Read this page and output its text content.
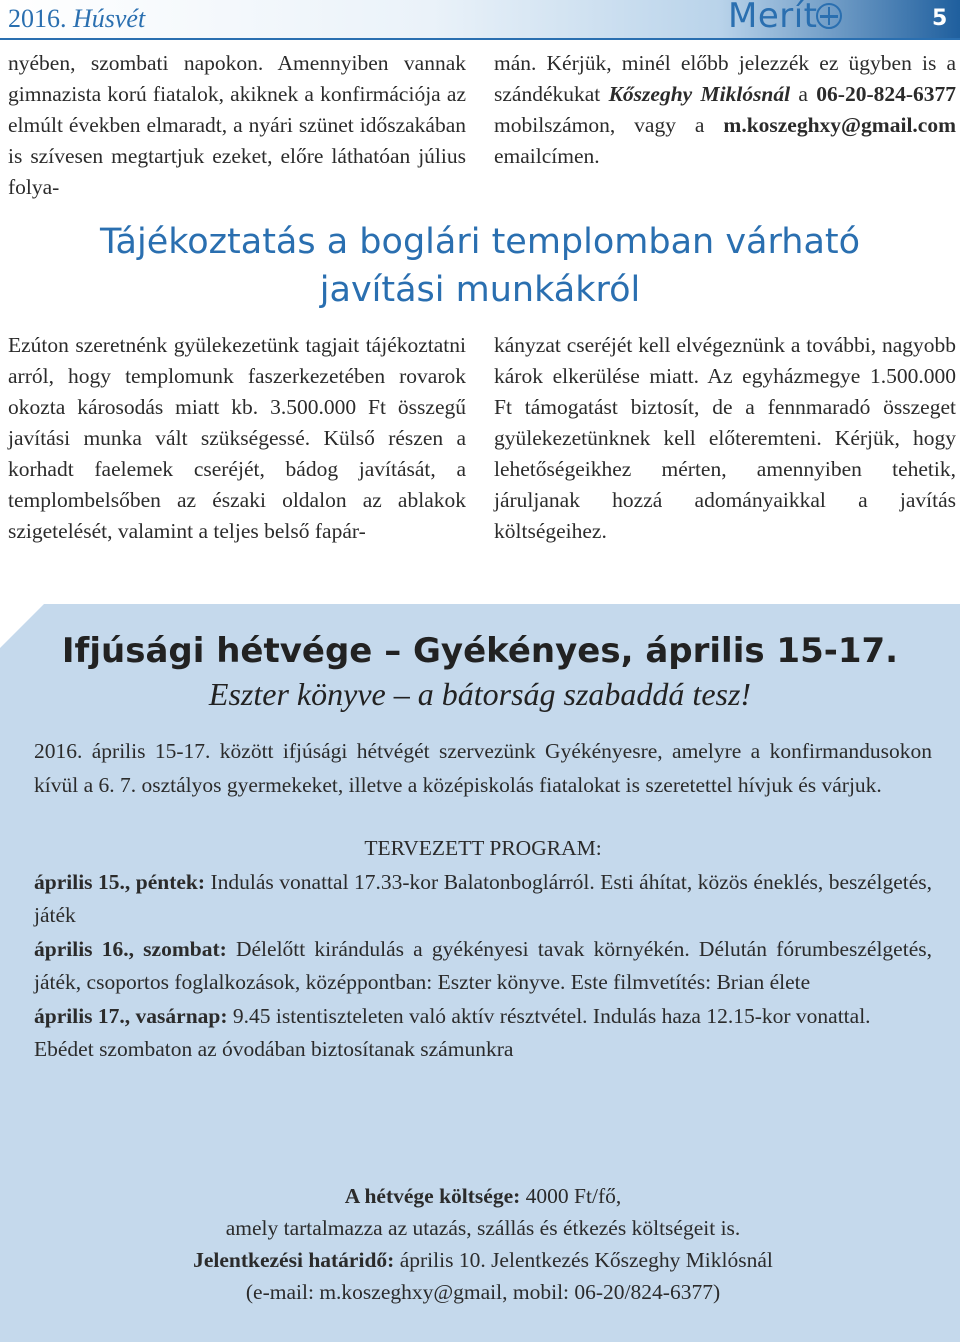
2016. Húsvét	Merít	5

nyében, szombati napokon. Amennyiben vannak gimnazista korú fiatalok, akiknek a konfirmációja az elmúlt években elmaradt, a nyári szünet időszakában is szívesen megtartjuk ezeket, előre láthatóan július folya-

mán. Kérjük, minél előbb jelezzék ez ügyben is a szándékukat Kőszeghy Miklósnál a 06-20-824-6377 mobilszámon, vagy a m.koszeghxy@gmail.com emailcímen.

Tájékoztatás a boglári templomban várható
javítási munkákról

Ezúton szeretnénk gyülekezetünk tagjait tájékoztatni arról, hogy templomunk faszerkezetében rovarok okozta károsodás miatt kb. 3.500.000 Ft összegű javítási munka vált szükségessé. Külső részen a korhadt faelemek cseréjét, bádog javítását, a templombelsőben az északi oldalon az ablakok szigetelését, valamint a teljes belső fapár-

kányzat cseréjét kell elvégeznünk a további, nagyobb károk elkerülése miatt. Az egyházmegye 1.500.000 Ft támogatást biztosít, de a fennmaradó összeget gyülekezetünknek kell előteremteni. Kérjük, hogy lehetőségeikhez mérten, amennyiben tehetik, járuljanak hozzá adományaikkal a javítás költségeihez.

Ifjúsági hétvége – Gyékényes, április 15-17.
Eszter könyve – a bátorság szabaddá tesz!

2016. április 15-17. között ifjúsági hétvégét szervezünk Gyékényesre, amelyre a konfirmandusokon kívül a 6. 7. osztályos gyermekeket, illetve a középiskolás fiatalokat is szeretettel hívjuk és várjuk.

TERVEZETT PROGRAM:

április 15., péntek: Indulás vonattal 17.33-kor Balatonboglárról. Esti áhítat, közös éneklés, beszélgetés, játék

április 16., szombat: Délelőtt kirándulás a gyékényesi tavak környékén. Délután fórumbeszélgetés, játék, csoportos foglalkozások, középpontban: Eszter könyve. Este filmvetítés: Brian élete

április 17., vasárnap: 9.45 istentiszteleten való aktív résztvétel. Indulás haza 12.15-kor vonattal.

Ebédet szombaton az óvodában biztosítanak számunkra

A hétvége költsége: 4000 Ft/fő,

amely tartalmazza az utazás, szállás és étkezés költségeit is.

Jelentkezési határidő: április 10. Jelentkezés Kőszeghy Miklósnál

(e-mail: m.koszeghxy@gmail, mobil: 06-20/824-6377)
